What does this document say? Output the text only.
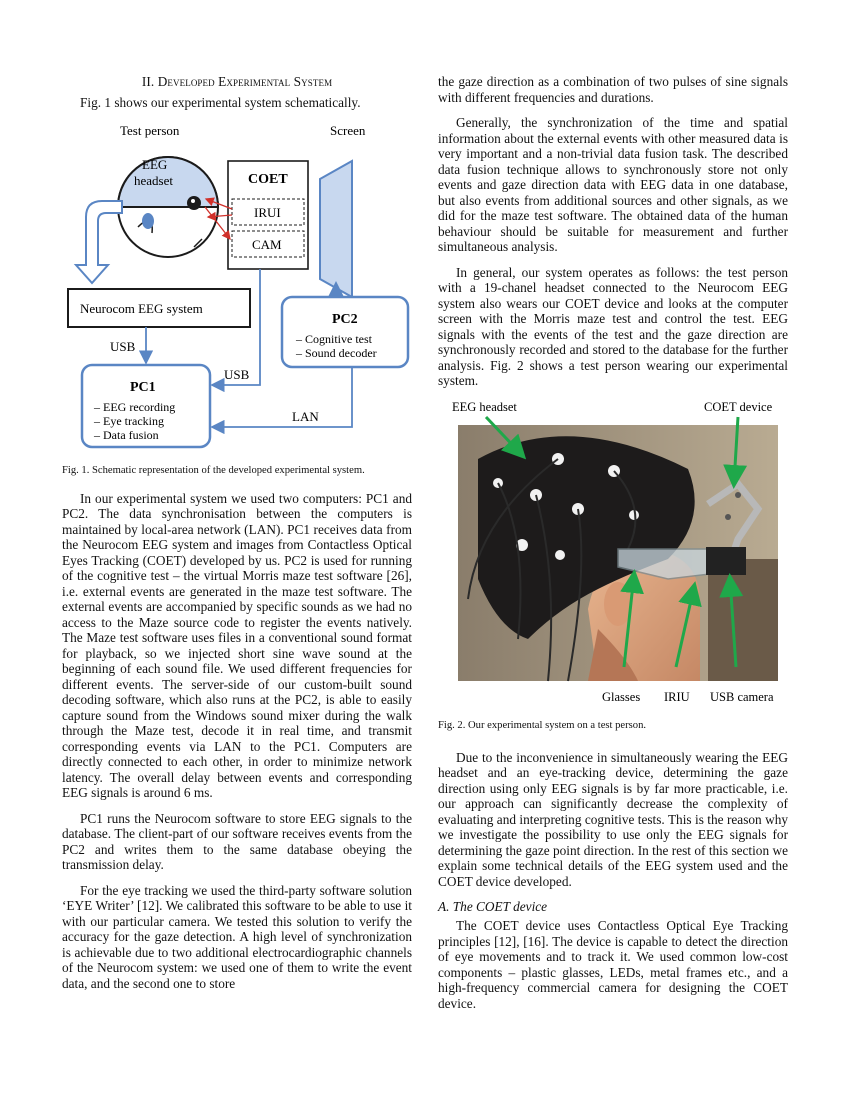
II. Developed Experimental System

Fig. 1 shows our experimental system schematically.

Test person	Screen
EEG
headset	COET
IRUI
CAM
Neurocom EEG system
PC2
– Cognitive test
– Sound decoder
PC1
– EEG recording
– Eye tracking
– Data fusion
USB
USB
LAN

Fig. 1. Schematic representation of the developed experimental system.

In our experimental system we used two computers: PC1 and PC2. The data synchronisation between the computers is maintained by local-area network (LAN). PC1 receives data from the Neurocom EEG system and images from Contactless Optical Eyes Tracking (COET) developed by us. PC2 is used for running of the cognitive test – the virtual Morris maze test software [26], i.e. external events are generated in the maze test software. The external events are accompanied by specific sounds as we had no access to the Maze source code to register the events natively. The Maze test software uses files in a conventional sound format for playback, so we injected short sine wave sound at the beginning of each sound file. We used different frequencies for different events. The server-side of our custom-built sound decoding software, which also runs at the PC2, is able to easily capture sound from the Windows sound mixer during the walk through the Maze test, decode it in real time, and transmit corresponding events via LAN to the PC1. Computers are directly connected to each other, in order to minimize network latency. The overall delay between events and corresponding EEG signals is around 6 ms.

PC1 runs the Neurocom software to store EEG signals to the database. The client-part of our software receives events from the PC2 and writes them to the same database obeying the transmission delay.

For the eye tracking we used the third-party software solution ‘EYE Writer’ [12]. We calibrated this software to be able to use it with our particular camera. We tested this solution to verify the accuracy for the gaze detection. A high level of synchronization is achievable due to two additional electrocardiographic channels of the Neurocom system: we used one of them to write the event data, and the second one to store

the gaze direction as a combination of two pulses of sine signals with different frequencies and durations.

Generally, the synchronization of the time and spatial information about the external events with other measured data is very important and a non-trivial data fusion task. The described data fusion technique allows to synchronously store not only events and gaze direction data with EEG data in one database, but also events from additional sources and other signals, as we did for the maze test software. The obtained data of the human behaviour should be suitable for measurement and further simultaneous analysis.

In general, our system operates as follows: the test person with a 19-chanel headset connected to the Neurocom EEG system also wears our COET device and looks at the computer screen with the Morris maze test and control the test. EEG signals with the events of the test and the gaze direction are synchronously recorded and stored to the database for the further analysis. Fig. 2 shows a test person wearing our experimental system.

EEG headset	COET device
Glasses IRIU USB camera

Fig. 2. Our experimental system on a test person.

Due to the inconvenience in simultaneously wearing the EEG headset and an eye-tracking device, determining the gaze direction using only EEG signals is by far more practicable, i.e. our approach can significantly decrease the complexity of evaluating and interpreting cognitive tests. This is the reason why we investigate the possibility to use only the EEG signals for determining the gaze point direction. In the rest of this section we explain some technical details of the EEG system used and the COET device developed.

A. The COET device

The COET device uses Contactless Optical Eye Tracking principles [12], [16]. The device is capable to detect the direction of eye movements and to track it. We used common low-cost components – plastic glasses, LEDs, metal frames etc., and a high-frequency commercial camera for designing the COET device.
